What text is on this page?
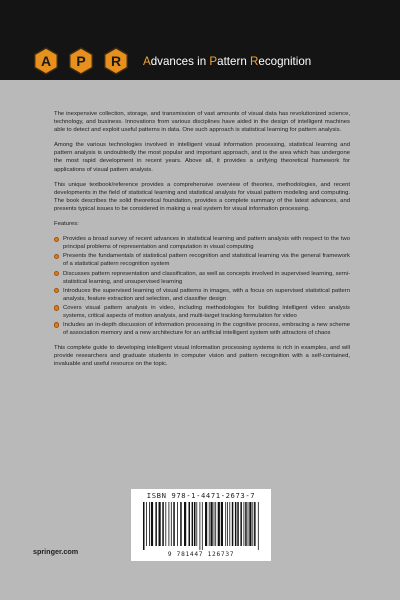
A P R Advances in Pattern Recognition

The inexpensive collection, storage, and transmission of vast amounts of visual data has revolutionized science, technology, and business. Innovations from various disciplines have aided in the design of intelligent machines able to detect and exploit useful patterns in data. One such approach is statistical learning for pattern analysis.

Among the various technologies involved in intelligent visual information processing, statistical learning and pattern analysis is undoubtedly the most popular and important approach, and is the area which has undergone the most rapid development in recent years. Above all, it provides a unifying theoretical framework for applications of visual pattern analysis.

This unique textbook/reference provides a comprehensive overview of theories, methodologies, and recent developments in the field of statistical learning and statistical analysis for visual pattern modeling and computing. The book describes the solid theoretical foundation, provides a complete summary of the latest advances, and presents typical issues to be considered in making a real system for visual information processing.

Features:

Provides a broad survey of recent advances in statistical learning and pattern analysis with respect to the two principal problems of representation and computation in visual computing
Presents the fundamentals of statistical pattern recognition and statistical learning via the general framework of a statistical pattern recognition system
Discusses pattern representation and classification, as well as concepts involved in supervised learning, semi-statistical learning, and unsupervised learning
Introduces the supervised learning of visual patterns in images, with a focus on supervised statistical pattern analysis, feature extraction and selection, and classifier design
Covers visual pattern analysis in video, including methodologies for building intelligent video analysis systems, critical aspects of motion analysis, and multi-target tracking formulation for video
Includes an in-depth discussion of information processing in the cognitive process, embracing a new scheme of association memory and a new architecture for an artificial intelligent system with attractors of chaos

This complete guide to developing intelligent visual information processing systems is rich in examples, and will provide researchers and graduate students in computer vision and pattern recognition with a self-contained, invaluable and useful resource on the topic.

ISBN 978-1-4471-2673-7
9 781447 126737
springer.com
